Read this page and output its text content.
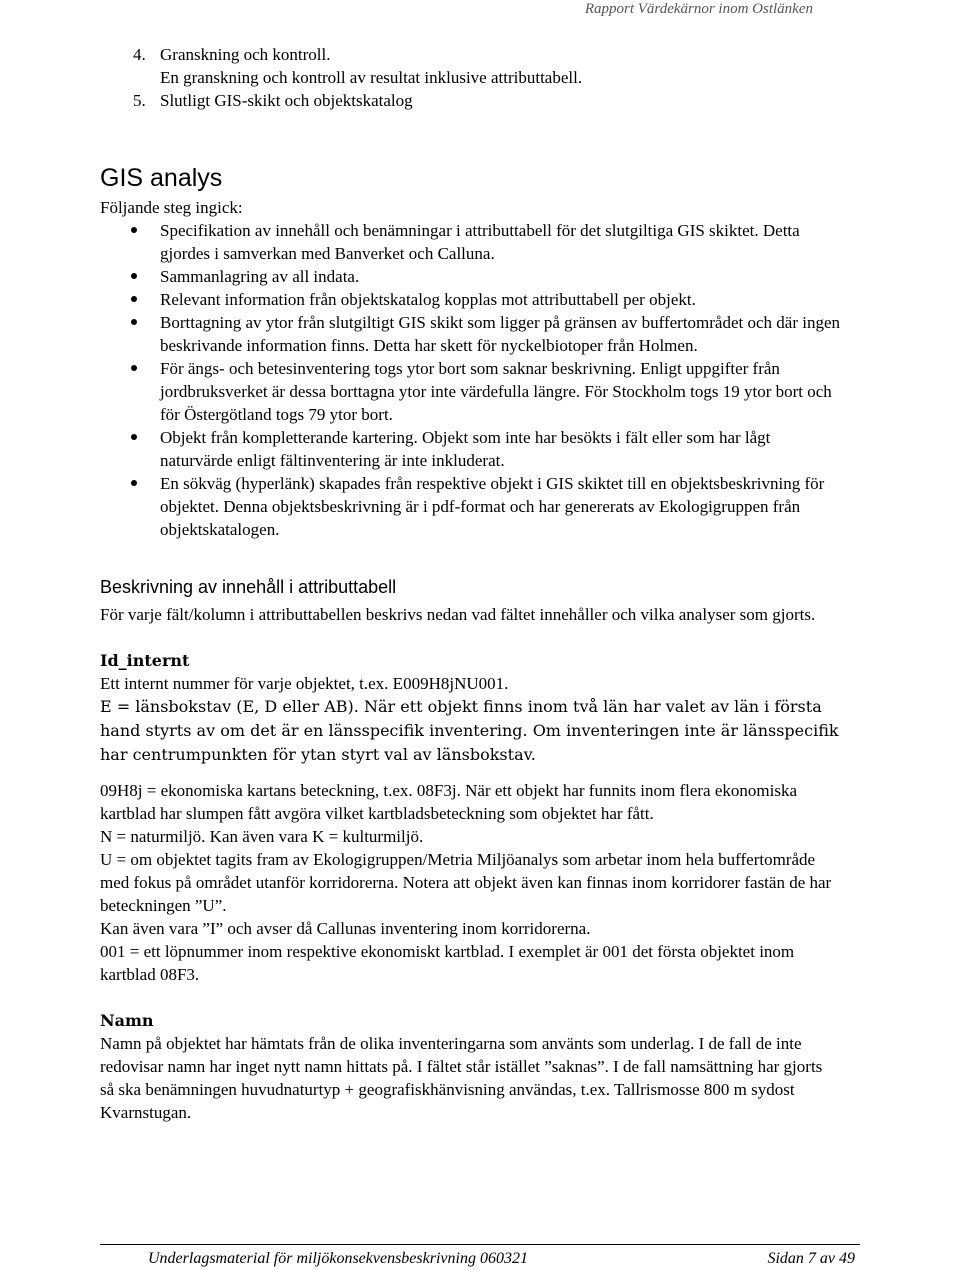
Rapport Värdekärnor inom Ostlänken
4. Granskning och kontroll.
En granskning och kontroll av resultat inklusive attributtabell.
5. Slutligt GIS-skikt och objektskatalog
GIS analys

Följande steg ingick:

Specifikation av innehåll och benämningar i attributtabell för det slutgiltiga GIS skiktet. Detta gjordes i samverkan med Banverket och Calluna.
Sammanlagring av all indata.
Relevant information från objektskatalog kopplas mot attributtabell per objekt.
Borttagning av ytor från slutgiltigt GIS skikt som ligger på gränsen av buffertområdet och där ingen beskrivande information finns. Detta har skett för nyckelbiotoper från Holmen.
För ängs- och betesinventering togs ytor bort som saknar beskrivning. Enligt uppgifter från jordbruksverket är dessa borttagna ytor inte värdefulla längre. För Stockholm togs 19 ytor bort och för Östergötland togs 79 ytor bort.
Objekt från kompletterande kartering. Objekt som inte har besökts i fält eller som har lågt naturvärde enligt fältinventering är inte inkluderat.
En sökväg (hyperlänk) skapades från respektive objekt i GIS skiktet till en objektsbeskrivning för objektet. Denna objektsbeskrivning är i pdf-format och har genererats av Ekologigruppen från objektskatalogen.
Beskrivning av innehåll i attributtabell

För varje fält/kolumn i attributtabellen beskrivs nedan vad fältet innehåller och vilka analyser som gjorts.

Id_internt

Ett internt nummer för varje objektet, t.ex. E009H8jNU001.

E = länsbokstav (E, D eller AB). När ett objekt finns inom två län har valet av län i första hand styrts av om det är en länsspecifik inventering. Om inventeringen inte är länsspecifik har centrumpunkten för ytan styrt val av länsbokstav.

09H8j = ekonomiska kartans beteckning, t.ex. 08F3j. När ett objekt har funnits inom flera ekonomiska kartblad har slumpen fått avgöra vilket kartbladsbeteckning som objektet har fått.

N = naturmiljö. Kan även vara K = kulturmiljö.

U = om objektet tagits fram av Ekologigruppen/Metria Miljöanalys som arbetar inom hela buffertområde med fokus på området utanför korridorerna. Notera att objekt även kan finnas inom korridorer fastän de har beteckningen ”U”.

Kan även vara ”I” och avser då Callunas inventering inom korridorerna.

001 = ett löpnummer inom respektive ekonomiskt kartblad. I exemplet är 001 det första objektet inom kartblad 08F3.

Namn

Namn på objektet har hämtats från de olika inventeringarna som använts som underlag. I de fall de inte redovisar namn har inget nytt namn hittats på. I fältet står istället ”saknas”. I de fall namsättning har gjorts så ska benämningen huvudnaturtyp + geografiskhänvisning användas, t.ex. Tallrismosse 800 m sydost Kvarnstugan.

Underlagsmaterial för miljökonsekvensbeskrivning 060321	Sidan 7 av 49
